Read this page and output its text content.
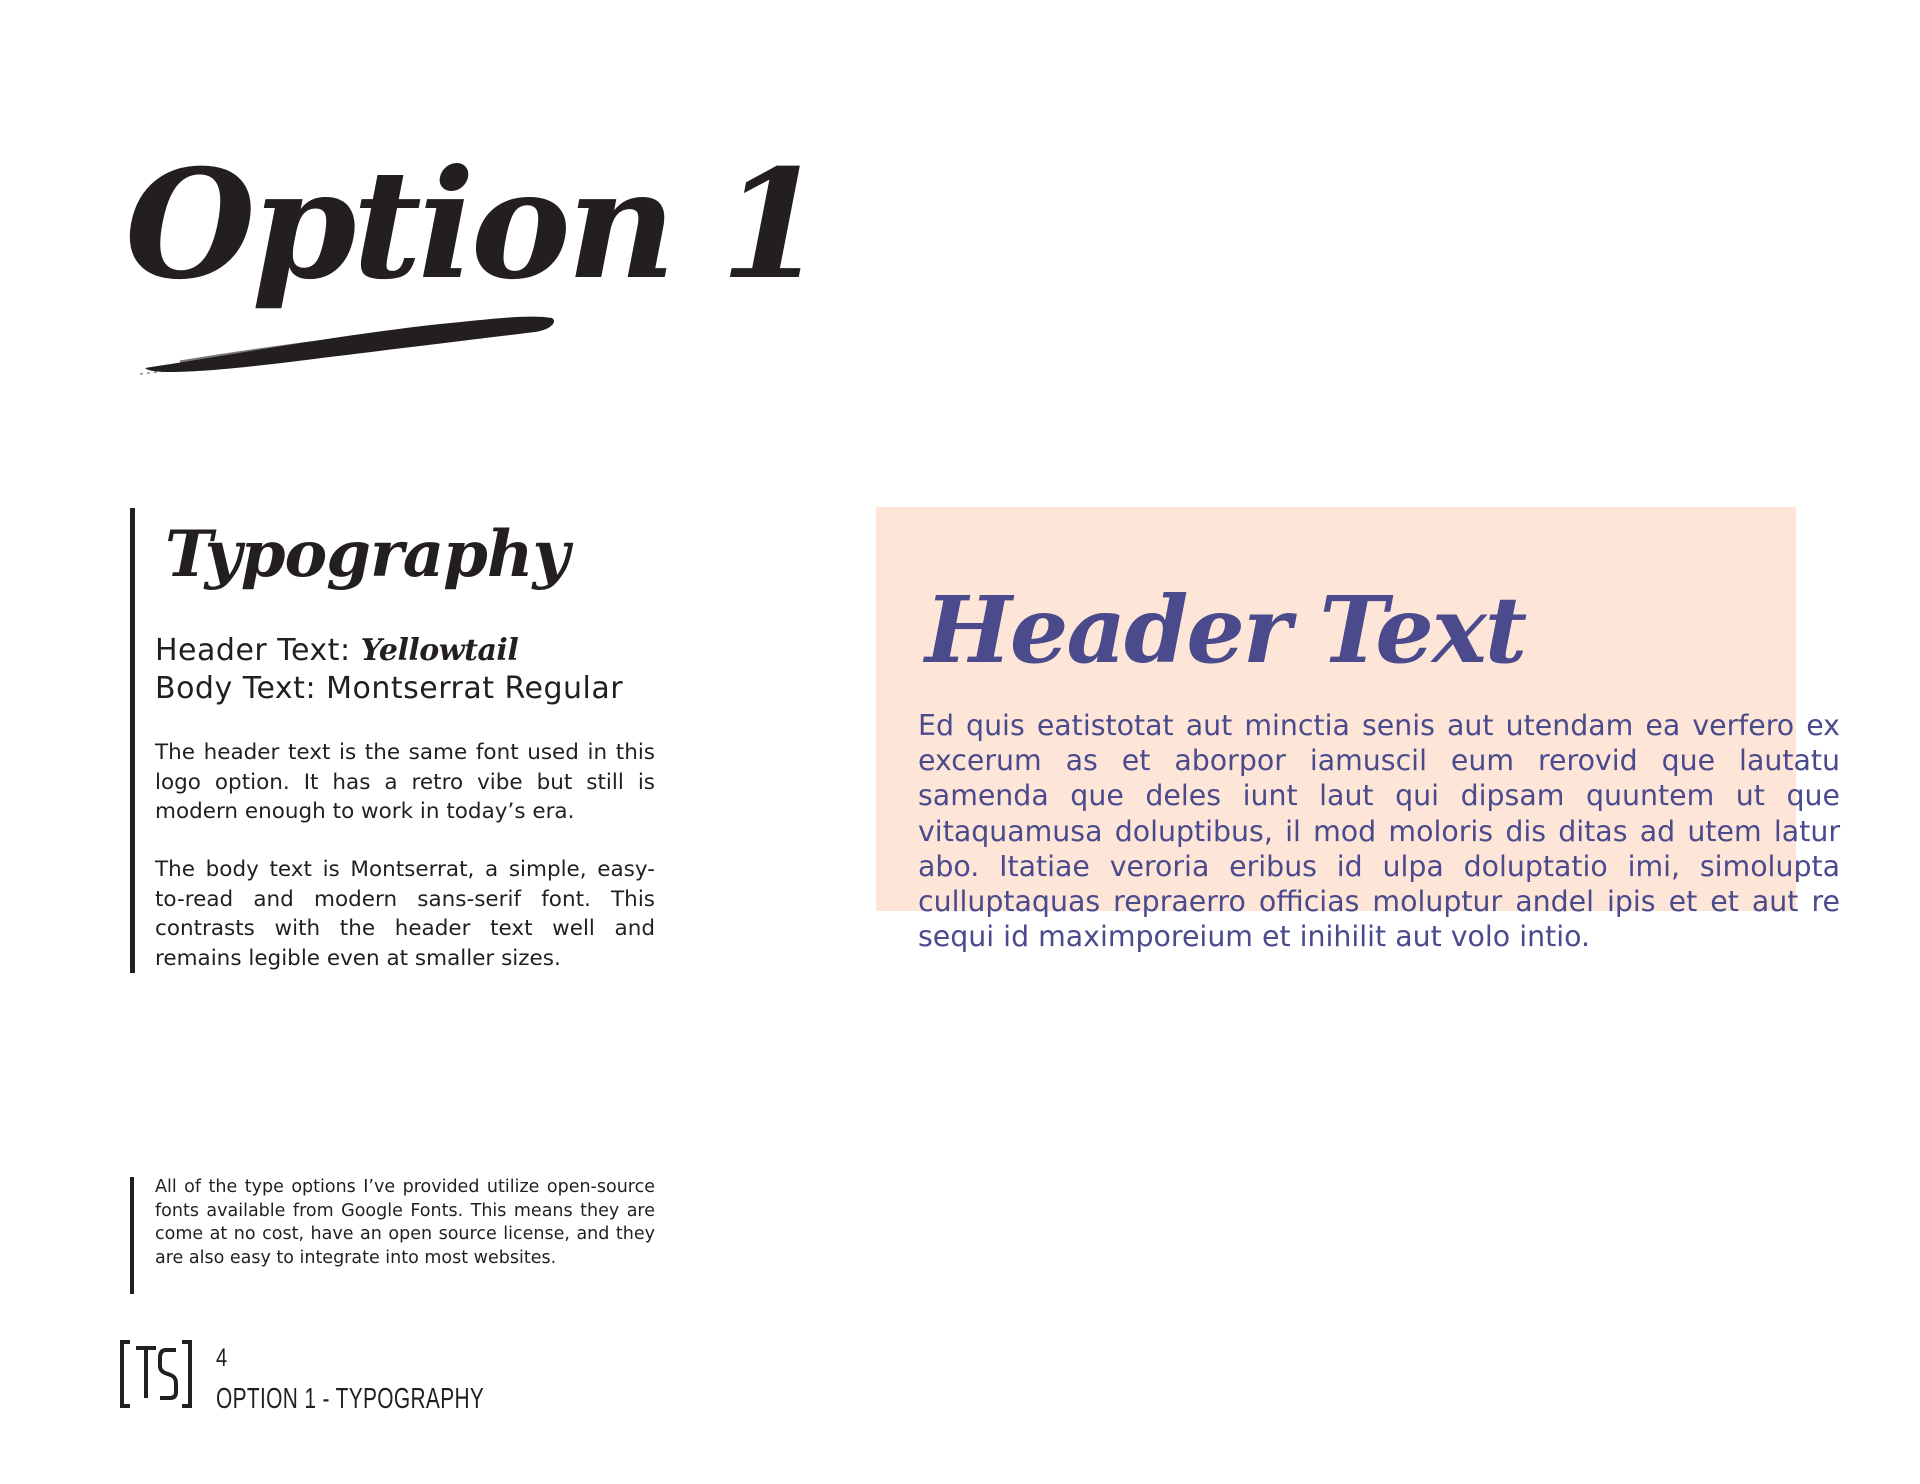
Option 1
Typography
Header Text: Yellowtail
Body Text: Montserrat Regular
The header text is the same font used in this logo option. It has a retro vibe but still is modern enough to work in today’s era.
The body text is Montserrat, a simple, easy-to-read and modern sans-serif font. This contrasts with the header text well and remains legible even at smaller sizes.
All of the type options I’ve provided utilize open-source fonts available from Google Fonts. This means they are come at no cost, have an open source license, and they are also easy to integrate into most websites.
4
OPTION 1 - TYPOGRAPHY
Header Text
Ed quis eatistotat aut minctia senis aut utendam ea verfero ex excerum as et aborpor iamuscil eum rerovid que lautatu samenda que deles iunt laut qui dipsam quuntem ut que vitaquamusa doluptibus, il mod moloris dis ditas ad utem latur abo. Itatiae veroria eribus id ulpa doluptatio imi, simolupta culluptaquas repraerro officias moluptur andel ipis et et aut re sequi id maximporeium et inihilit aut volo intio.
